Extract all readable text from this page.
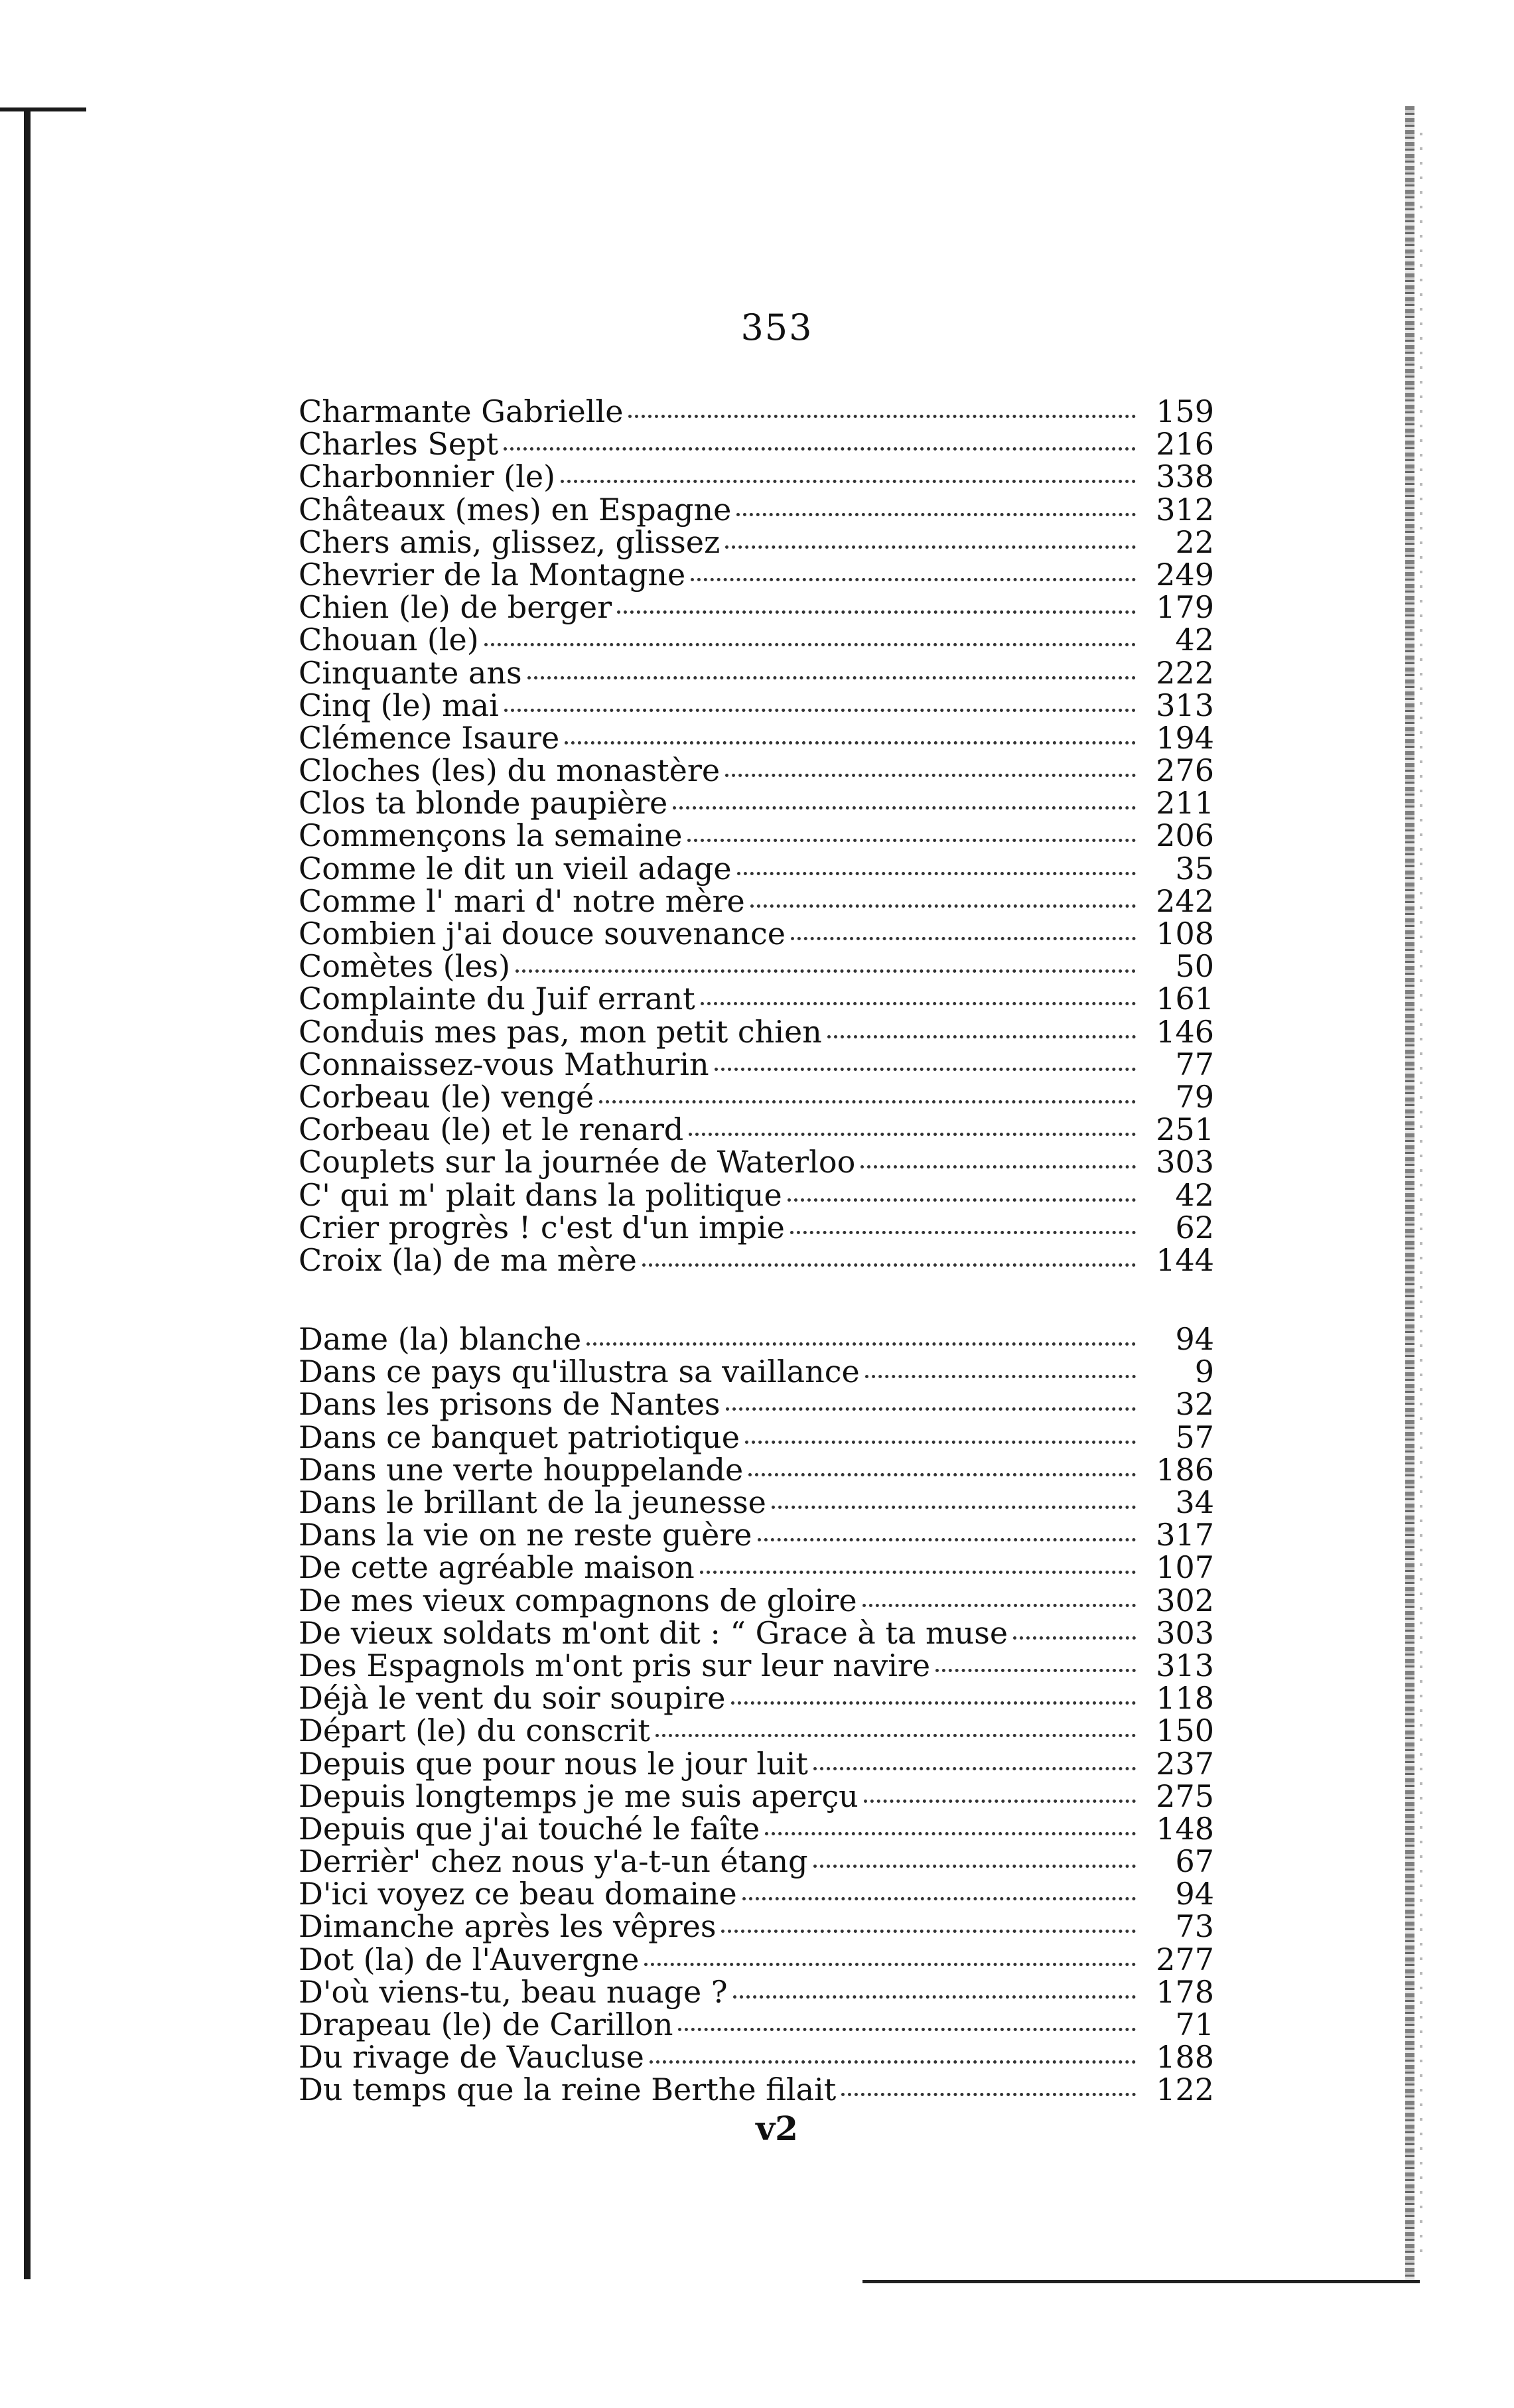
353
Charmante Gabrielle	159
Charles Sept	216
Charbonnier (le)	338
Châteaux (mes) en Espagne	312
Chers amis, glissez, glissez	22
Chevrier de la Montagne	249
Chien (le) de berger	179
Chouan (le)	42
Cinquante ans	222
Cinq (le) mai	313
Clémence Isaure	194
Cloches (les) du monastère	276
Clos ta blonde paupière	211
Commençons la semaine	206
Comme le dit un vieil adage	35
Comme l' mari d' notre mère	242
Combien j'ai douce souvenance	108
Comètes (les)	50
Complainte du Juif errant	161
Conduis mes pas, mon petit chien	146
Connaissez-vous Mathurin	77
Corbeau (le) vengé	79
Corbeau (le) et le renard	251
Couplets sur la journée de Waterloo	303
C' qui m' plait dans la politique	42
Crier progrès ! c'est d'un impie	62
Croix (la) de ma mère	144
Dame (la) blanche	94
Dans ce pays qu'illustra sa vaillance	9
Dans les prisons de Nantes	32
Dans ce banquet patriotique	57
Dans une verte houppelande	186
Dans le brillant de la jeunesse	34
Dans la vie on ne reste guère	317
De cette agréable maison	107
De mes vieux compagnons de gloire	302
De vieux soldats m'ont dit : “ Grace à ta muse	303
Des Espagnols m'ont pris sur leur navire	313
Déjà le vent du soir soupire	118
Départ (le) du conscrit	150
Depuis que pour nous le jour luit	237
Depuis longtemps je me suis aperçu	275
Depuis que j'ai touché le faîte	148
Derrièr' chez nous y'a-t-un étang	67
D'ici voyez ce beau domaine	94
Dimanche après les vêpres	73
Dot (la) de l'Auvergne	277
D'où viens-tu, beau nuage ?	178
Drapeau (le) de Carillon	71
Du rivage de Vaucluse	188
Du temps que la reine Berthe filait	122
v2
